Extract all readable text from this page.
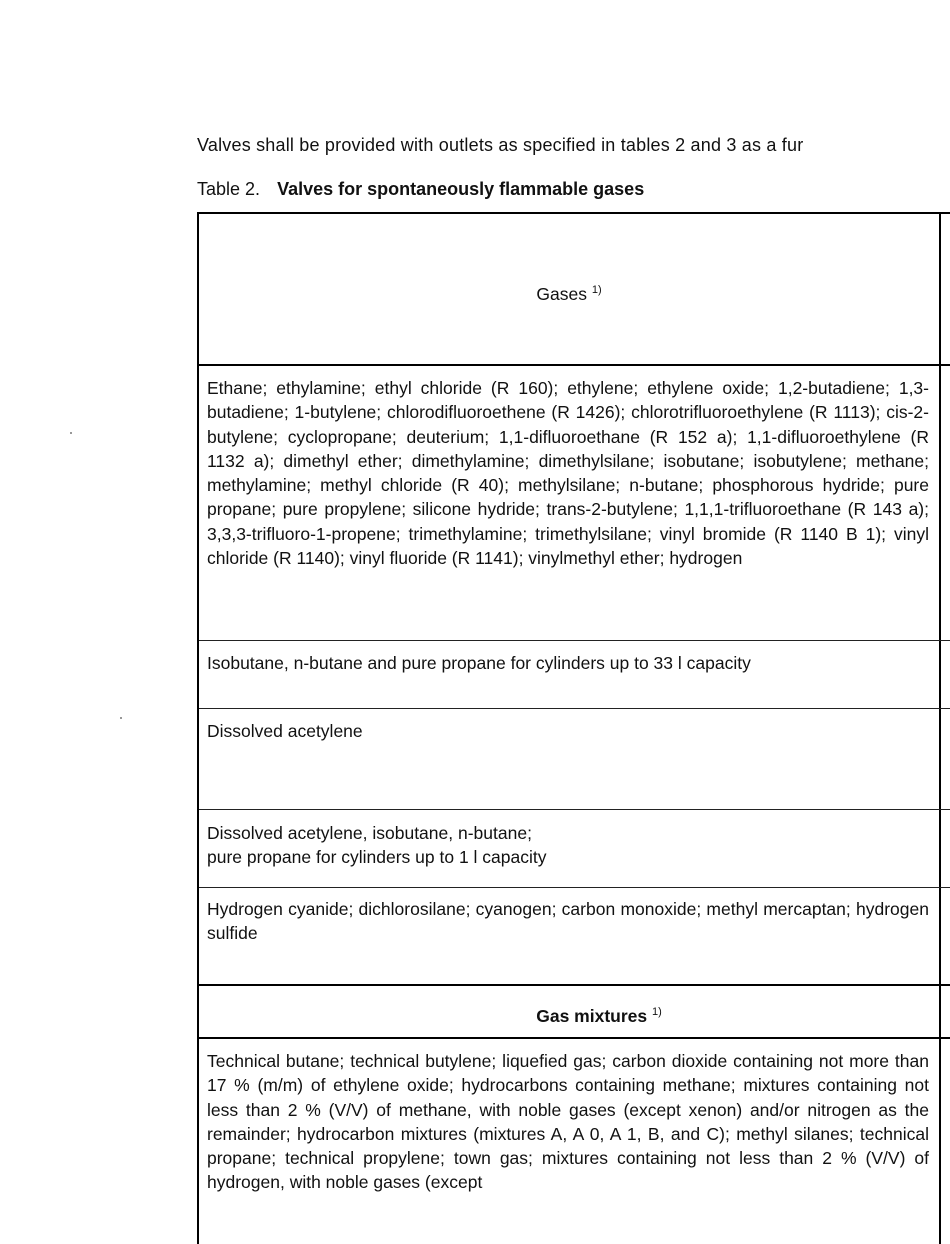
Valves shall be provided with outlets as specified in tables 2 and 3 as a fur
Table 2. Valves for spontaneously flammable gases
Gases $^{1)}$
Ethane; ethylamine; ethyl chloride (R 160); ethylene; ethylene oxide; 1,2-butadiene; 1,3-butadiene; 1-butylene; chlorodifluoroethene (R 1426); chlorotrifluoroethylene (R 1113); cis-2-butylene; cyclopropane; deuterium; 1,1-difluoroethane (R 152 a); 1,1-difluoroethylene (R 1132 a); dimethyl ether; dimethylamine; dimethylsilane; isobutane; isobutylene; methane; methylamine; methyl chloride (R 40); methylsilane; n-butane; phosphorous hydride; pure propane; pure propylene; silicone hydride; trans-2-butylene; 1,1,1-trifluoroethane (R 143 a); 3,3,3-trifluoro-1-propene; trimethylamine; trimethylsilane; vinyl bromide (R 1140 B 1); vinyl chloride (R 1140); vinyl fluoride (R 1141); vinylmethyl ether; hydrogen
Isobutane, n-butane and pure propane for cylinders up to 33 l capacity
Dissolved acetylene
Dissolved acetylene, isobutane, n-butane;
pure propane for cylinders up to 1 l capacity
Hydrogen cyanide; dichlorosilane; cyanogen; carbon monoxide; methyl mercaptan; hydrogen sulfide
Gas mixtures $^{1)}$
Technical butane; technical butylene; liquefied gas; carbon dioxide containing not more than 17 % (m/m) of ethylene oxide; hydrocarbons containing methane; mixtures containing not less than 2 % (V/V) of methane, with noble gases (except xenon) and/or nitrogen as the remainder; hydrocarbon mixtures (mixtures A, A 0, A 1, B, and C); methyl silanes; technical propane; technical propylene; town gas; mixtures containing not less than 2 % (V/V) of hydrogen, with noble gases (except
